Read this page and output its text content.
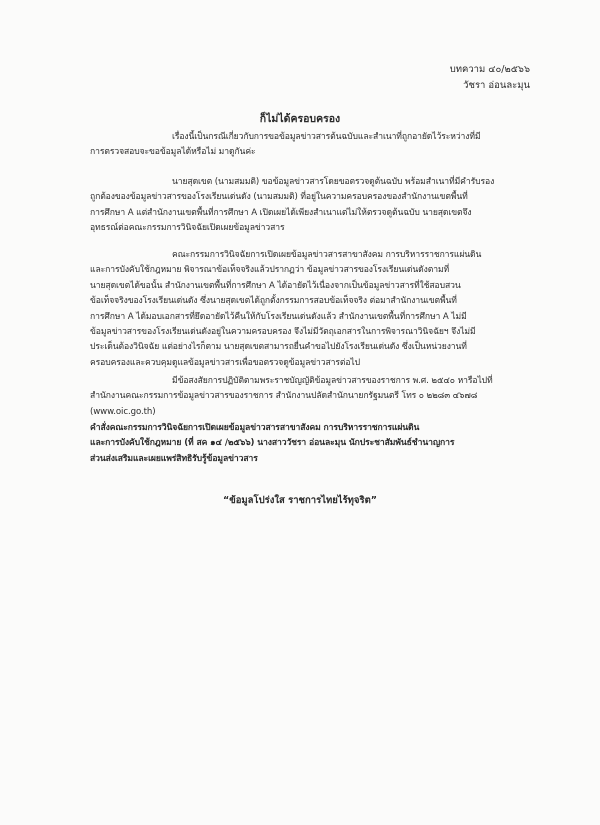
บทความ ๔๐/๒๕๖๖
วัชรา อ่อนละมุน
ก็ไม่ได้ครอบครอง
เรื่องนี้เป็นกรณีเกี่ยวกับการขอข้อมูลข่าวสารต้นฉบับและสำเนาที่ถูกอายัดไว้ระหว่างที่มี
การตรวจสอบจะขอข้อมูลได้หรือไม่ มาดูกันค่ะ
นายสุดเขต (นามสมมติ) ขอข้อมูลข่าวสารโดยขอตรวจดูต้นฉบับ พร้อมสำเนาที่มีคำรับรอง
ถูกต้องของข้อมูลข่าวสารของโรงเรียนเด่นดัง (นามสมมติ) ที่อยู่ในความครอบครองของสำนักงานเขตพื้นที่
การศึกษา A แต่สำนักงานเขตพื้นที่การศึกษา A เปิดเผยได้เพียงสำเนาแต่ไม่ให้ตรวจดูต้นฉบับ นายสุดเขตจึง
อุทธรณ์ต่อคณะกรรมการวินิจฉัยเปิดเผยข้อมูลข่าวสาร
คณะกรรมการวินิจฉัยการเปิดเผยข้อมูลข่าวสารสาขาสังคม การบริหารราชการแผ่นดิน
และการบังคับใช้กฎหมาย พิจารณาข้อเท็จจริงแล้วปรากฏว่า ข้อมูลข่าวสารของโรงเรียนเด่นดังตามที่
นายสุดเขตได้ขอนั้น สำนักงานเขตพื้นที่การศึกษา A ได้อายัดไว้เนื่องจากเป็นข้อมูลข่าวสารที่ใช้สอบสวน
ข้อเท็จจริงของโรงเรียนเด่นดัง ซึ่งนายสุดเขตได้ถูกตั้งกรรมการสอบข้อเท็จจริง ต่อมาสำนักงานเขตพื้นที่
การศึกษา A ได้มอบเอกสารที่ยึดอายัดไว้คืนให้กับโรงเรียนเด่นดังแล้ว สำนักงานเขตพื้นที่การศึกษา A ไม่มี
ข้อมูลข่าวสารของโรงเรียนเด่นดังอยู่ในความครอบครอง จึงไม่มีวัตถุเอกสารในการพิจารณาวินิจฉัยฯ จึงไม่มี
ประเด็นต้องวินิจฉัย แต่อย่างไรก็ตาม นายสุดเขตสามารถยื่นคำขอไปยังโรงเรียนเด่นดัง ซึ่งเป็นหน่วยงานที่
ครอบครองและควบคุมดูแลข้อมูลข่าวสารเพื่อขอตรวจดูข้อมูลข่าวสารต่อไป
มีข้อสงสัยการปฏิบัติตามพระราชบัญญัติข้อมูลข่าวสารของราชการ พ.ศ. ๒๕๔๐ หารือไปที่
สำนักงานคณะกรรมการข้อมูลข่าวสารของราชการ สำนักงานปลัดสำนักนายกรัฐมนตรี โทร ๐ ๒๒๘๓ ๔๖๗๘
(www.oic.go.th)
คำสั่งคณะกรรมการวินิจฉัยการเปิดเผยข้อมูลข่าวสารสาขาสังคม การบริหารราชการแผ่นดิน
และการบังคับใช้กฎหมาย (ที่ สค ๑๔ /๒๕๖๖) นางสาววัชรา อ่อนละมุน นักประชาสัมพันธ์ชำนาญการ
ส่วนส่งเสริมและเผยแพร่สิทธิรับรู้ข้อมูลข่าวสาร
“ข้อมูลโปร่งใส ราชการไทยไร้ทุจริต”
